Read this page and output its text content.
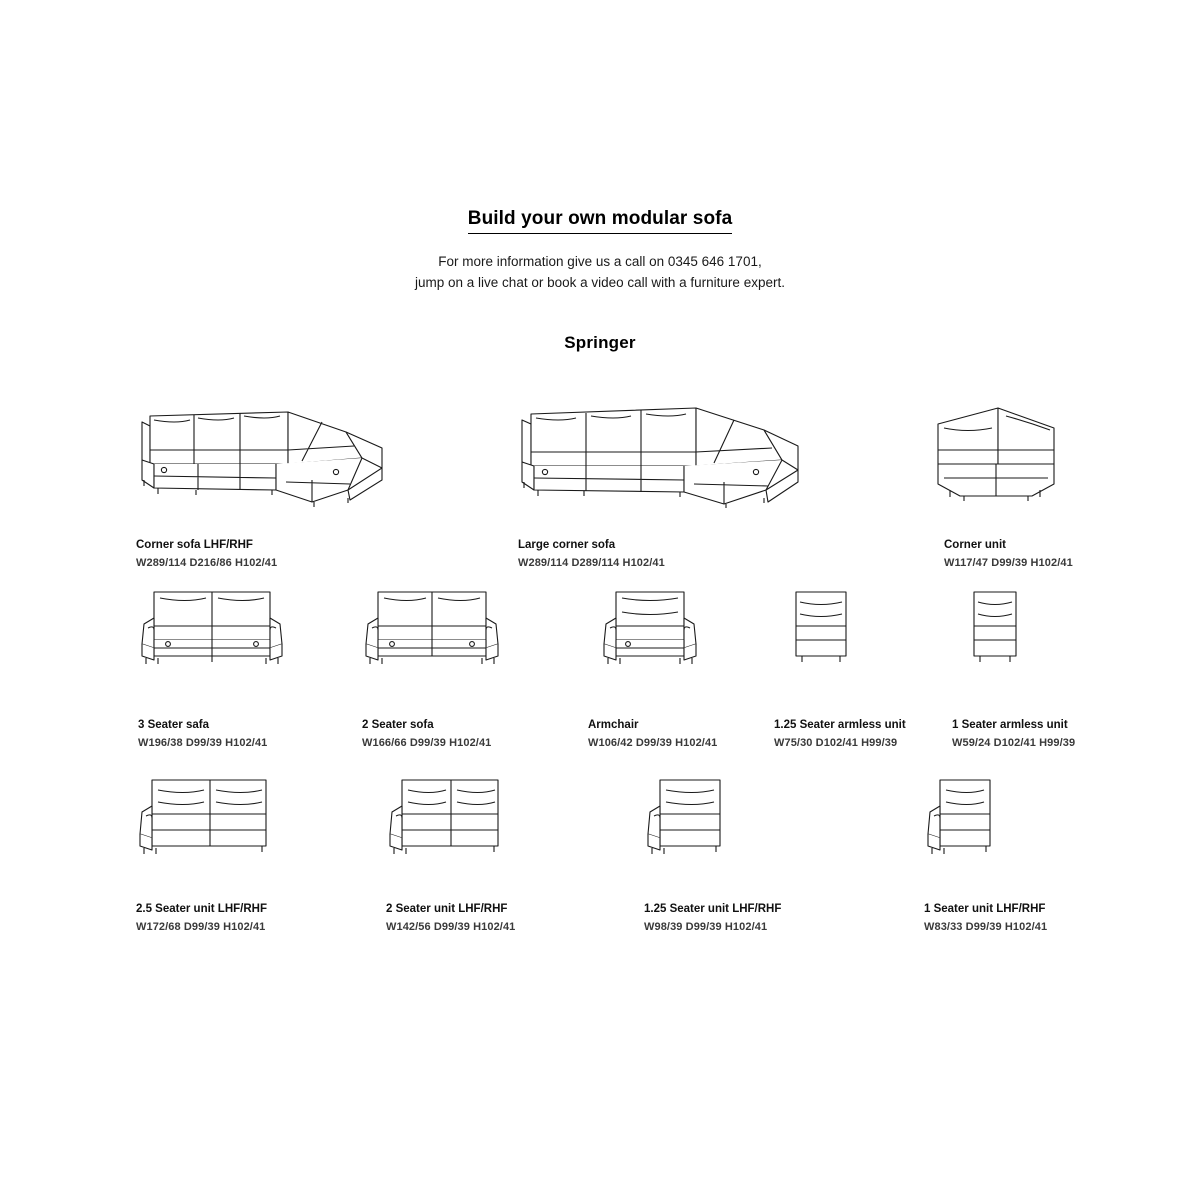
Build your own modular sofa
For more information give us a call on 0345 646 1701,
jump on a live chat or book a video call with a furniture expert.
Springer
Corner sofa LHF/RHF
W289/114 D216/86 H102/41
Large corner sofa
W289/114 D289/114 H102/41
Corner unit
W117/47 D99/39 H102/41
3 Seater safa
W196/38 D99/39 H102/41
2 Seater sofa
W166/66 D99/39 H102/41
Armchair
W106/42 D99/39 H102/41
1.25 Seater armless unit
W75/30 D102/41 H99/39
1 Seater armless unit
W59/24 D102/41 H99/39
2.5 Seater unit LHF/RHF
W172/68 D99/39 H102/41
2 Seater unit LHF/RHF
W142/56 D99/39 H102/41
1.25 Seater unit LHF/RHF
W98/39 D99/39 H102/41
1 Seater unit LHF/RHF
W83/33 D99/39 H102/41
